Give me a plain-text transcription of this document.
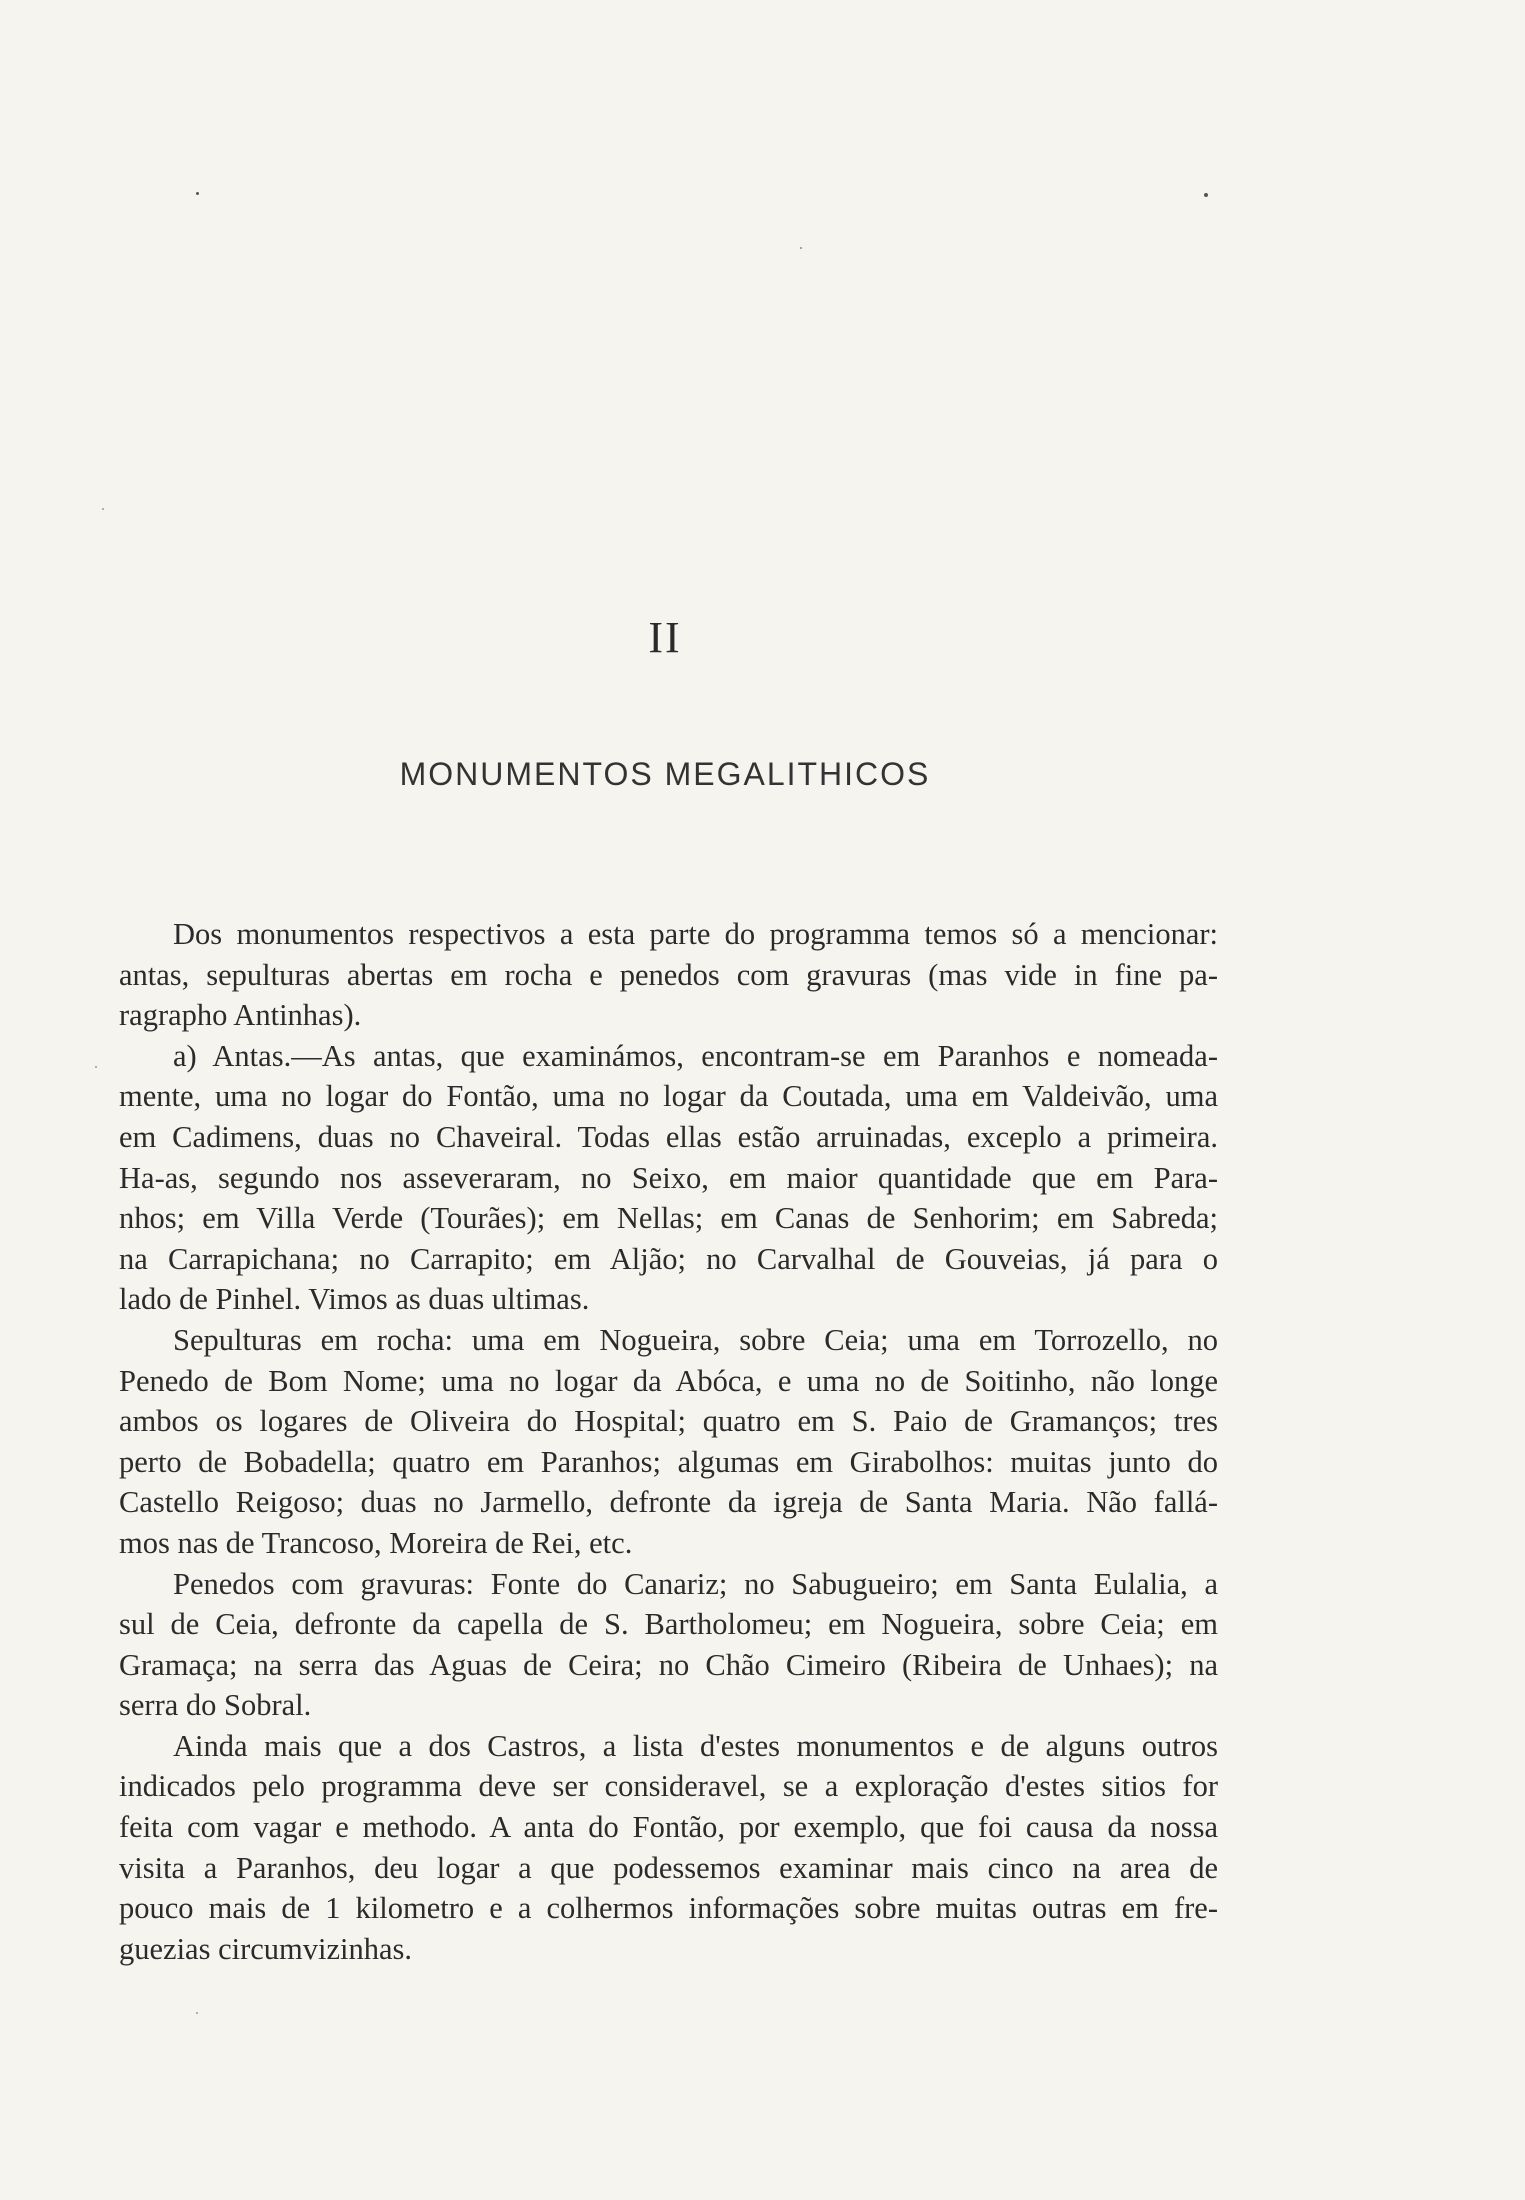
II
MONUMENTOS MEGALITHICOS
Dos monumentos respectivos a esta parte do programma temos só a mencionar:
antas, sepulturas abertas em rocha e penedos com gravuras (mas vide in fine pa-
ragrapho Antinhas).
a) Antas.—As antas, que examinámos, encontram-se em Paranhos e nomeada-
mente, uma no logar do Fontão, uma no logar da Coutada, uma em Valdeivão, uma
em Cadimens, duas no Chaveiral. Todas ellas estão arruinadas, exceplo a primeira.
Ha-as, segundo nos asseveraram, no Seixo, em maior quantidade que em Para-
nhos; em Villa Verde (Tourães); em Nellas; em Canas de Senhorim; em Sabreda;
na Carrapichana; no Carrapito; em Aljão; no Carvalhal de Gouveias, já para o
lado de Pinhel. Vimos as duas ultimas.
Sepulturas em rocha: uma em Nogueira, sobre Ceia; uma em Torrozello, no
Penedo de Bom Nome; uma no logar da Abóca, e uma no de Soitinho, não longe
ambos os logares de Oliveira do Hospital; quatro em S. Paio de Gramanços; tres
perto de Bobadella; quatro em Paranhos; algumas em Girabolhos: muitas junto do
Castello Reigoso; duas no Jarmello, defronte da igreja de Santa Maria. Não fallá-
mos nas de Trancoso, Moreira de Rei, etc.
Penedos com gravuras: Fonte do Canariz; no Sabugueiro; em Santa Eulalia, a
sul de Ceia, defronte da capella de S. Bartholomeu; em Nogueira, sobre Ceia; em
Gramaça; na serra das Aguas de Ceira; no Chão Cimeiro (Ribeira de Unhaes); na
serra do Sobral.
Ainda mais que a dos Castros, a lista d'estes monumentos e de alguns outros
indicados pelo programma deve ser consideravel, se a exploração d'estes sitios for
feita com vagar e methodo. A anta do Fontão, por exemplo, que foi causa da nossa
visita a Paranhos, deu logar a que podessemos examinar mais cinco na area de
pouco mais de 1 kilometro e a colhermos informações sobre muitas outras em fre-
guezias circumvizinhas.
